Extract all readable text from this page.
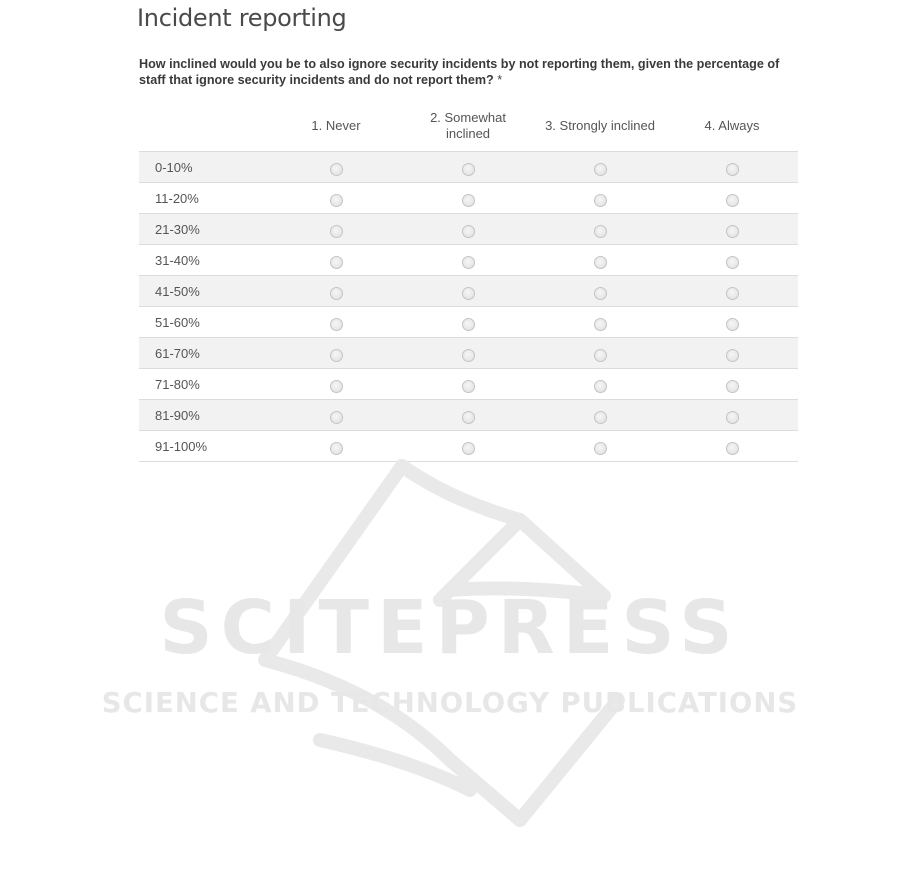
Incident reporting
How inclined would you be to also ignore security incidents by not reporting them, given the percentage of staff that ignore security incidents and do not report them? *
	1. Never	2. Somewhat inclined	3. Strongly inclined	4. Always
0-10%				
11-20%				
21-30%				
31-40%				
41-50%				
51-60%				
61-70%				
71-80%				
81-90%				
91-100%				
SCITEPRESS
SCIENCE AND TECHNOLOGY PUBLICATIONS
